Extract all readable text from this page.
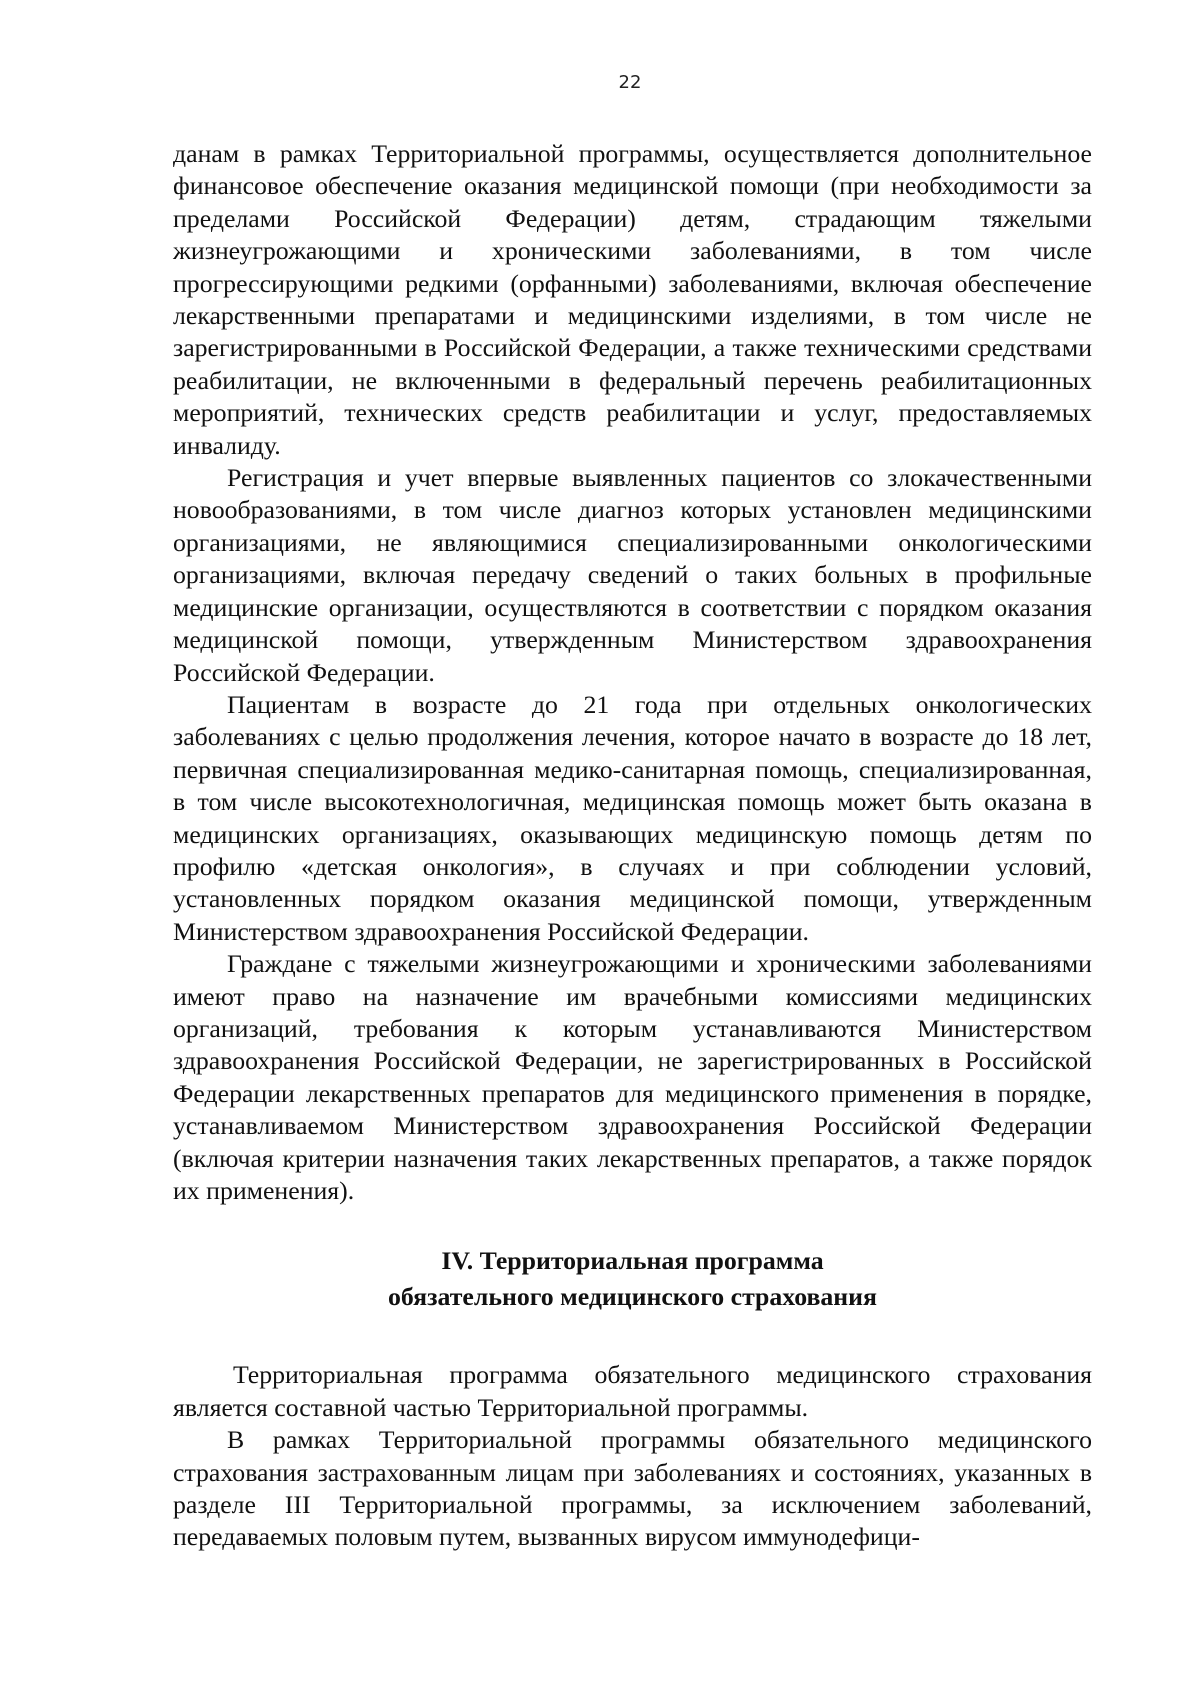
22

данам в рамках Территориальной программы, осуществляется дополнительное финансовое обеспечение оказания медицинской помощи (при необходимости за пределами Российской Федерации) детям, страдающим тяжелыми жизнеугрожающими и хроническими заболеваниями, в том числе прогрессирующими редкими (орфанными) заболеваниями, включая обеспечение лекарственными препаратами и медицинскими изделиями, в том числе не зарегистрированными в Российской Федерации, а также техническими средствами реабилитации, не включенными в федеральный перечень реабилитационных мероприятий, технических средств реабилитации и услуг, предоставляемых инвалиду.

Регистрация и учет впервые выявленных пациентов со злокачественными новообразованиями, в том числе диагноз которых установлен медицинскими организациями, не являющимися специализированными онкологическими организациями, включая передачу сведений о таких больных в профильные медицинские организации, осуществляются в соответствии с порядком оказания медицинской помощи, утвержденным Министерством здравоохранения Российской Федерации.

Пациентам в возрасте до 21 года при отдельных онкологических заболеваниях с целью продолжения лечения, которое начато в возрасте до 18 лет, первичная специализированная медико-санитарная помощь, специализированная, в том числе высокотехнологичная, медицинская помощь может быть оказана в медицинских организациях, оказывающих медицинскую помощь детям по профилю «детская онкология», в случаях и при соблюдении условий, установленных порядком оказания медицинской помощи, утвержденным Министерством здравоохранения Российской Федерации.

Граждане с тяжелыми жизнеугрожающими и хроническими заболеваниями имеют право на назначение им врачебными комиссиями медицинских организаций, требования к которым устанавливаются Министерством здравоохранения Российской Федерации, не зарегистрированных в Российской Федерации лекарственных препаратов для медицинского применения в порядке, устанавливаемом Министерством здравоохранения Российской Федерации (включая критерии назначения таких лекарственных препаратов, а также порядок их применения).

IV. Территориальная программа
обязательного медицинского страхования

Территориальная программа обязательного медицинского страхования является составной частью Территориальной программы.

В рамках Территориальной программы обязательного медицинского страхования застрахованным лицам при заболеваниях и состояниях, указанных в разделе III Территориальной программы, за исключением заболеваний, передаваемых половым путем, вызванных вирусом иммунодефици-
